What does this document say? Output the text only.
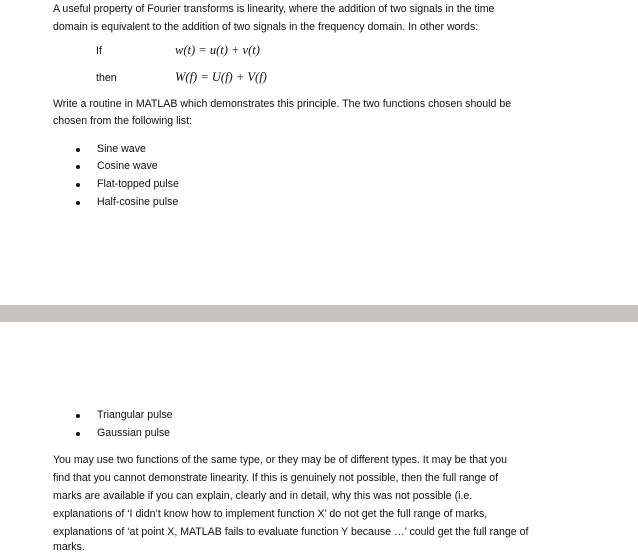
A useful property of Fourier transforms is linearity, where the addition of two signals in the time
domain is equivalent to the addition of two signals in the frequency domain. In other words:
If	w(t) = u(t) + v(t)
then	W(f) = U(f) + V(f)
Write a routine in MATLAB which demonstrates this principle. The two functions chosen should be
chosen from the following list:
Sine wave
Cosine wave
Flat-topped pulse
Half-cosine pulse
Triangular pulse
Gaussian pulse
You may use two functions of the same type, or they may be of different types. It may be that you
find that you cannot demonstrate linearity. If this is genuinely not possible, then the full range of
marks are available if you can explain, clearly and in detail, why this was not possible (i.e.
explanations of ‘I didn’t know how to implement function X’ do not get the full range of marks,
explanations of ‘at point X, MATLAB fails to evaluate function Y because …’ could get the full range of
marks.
